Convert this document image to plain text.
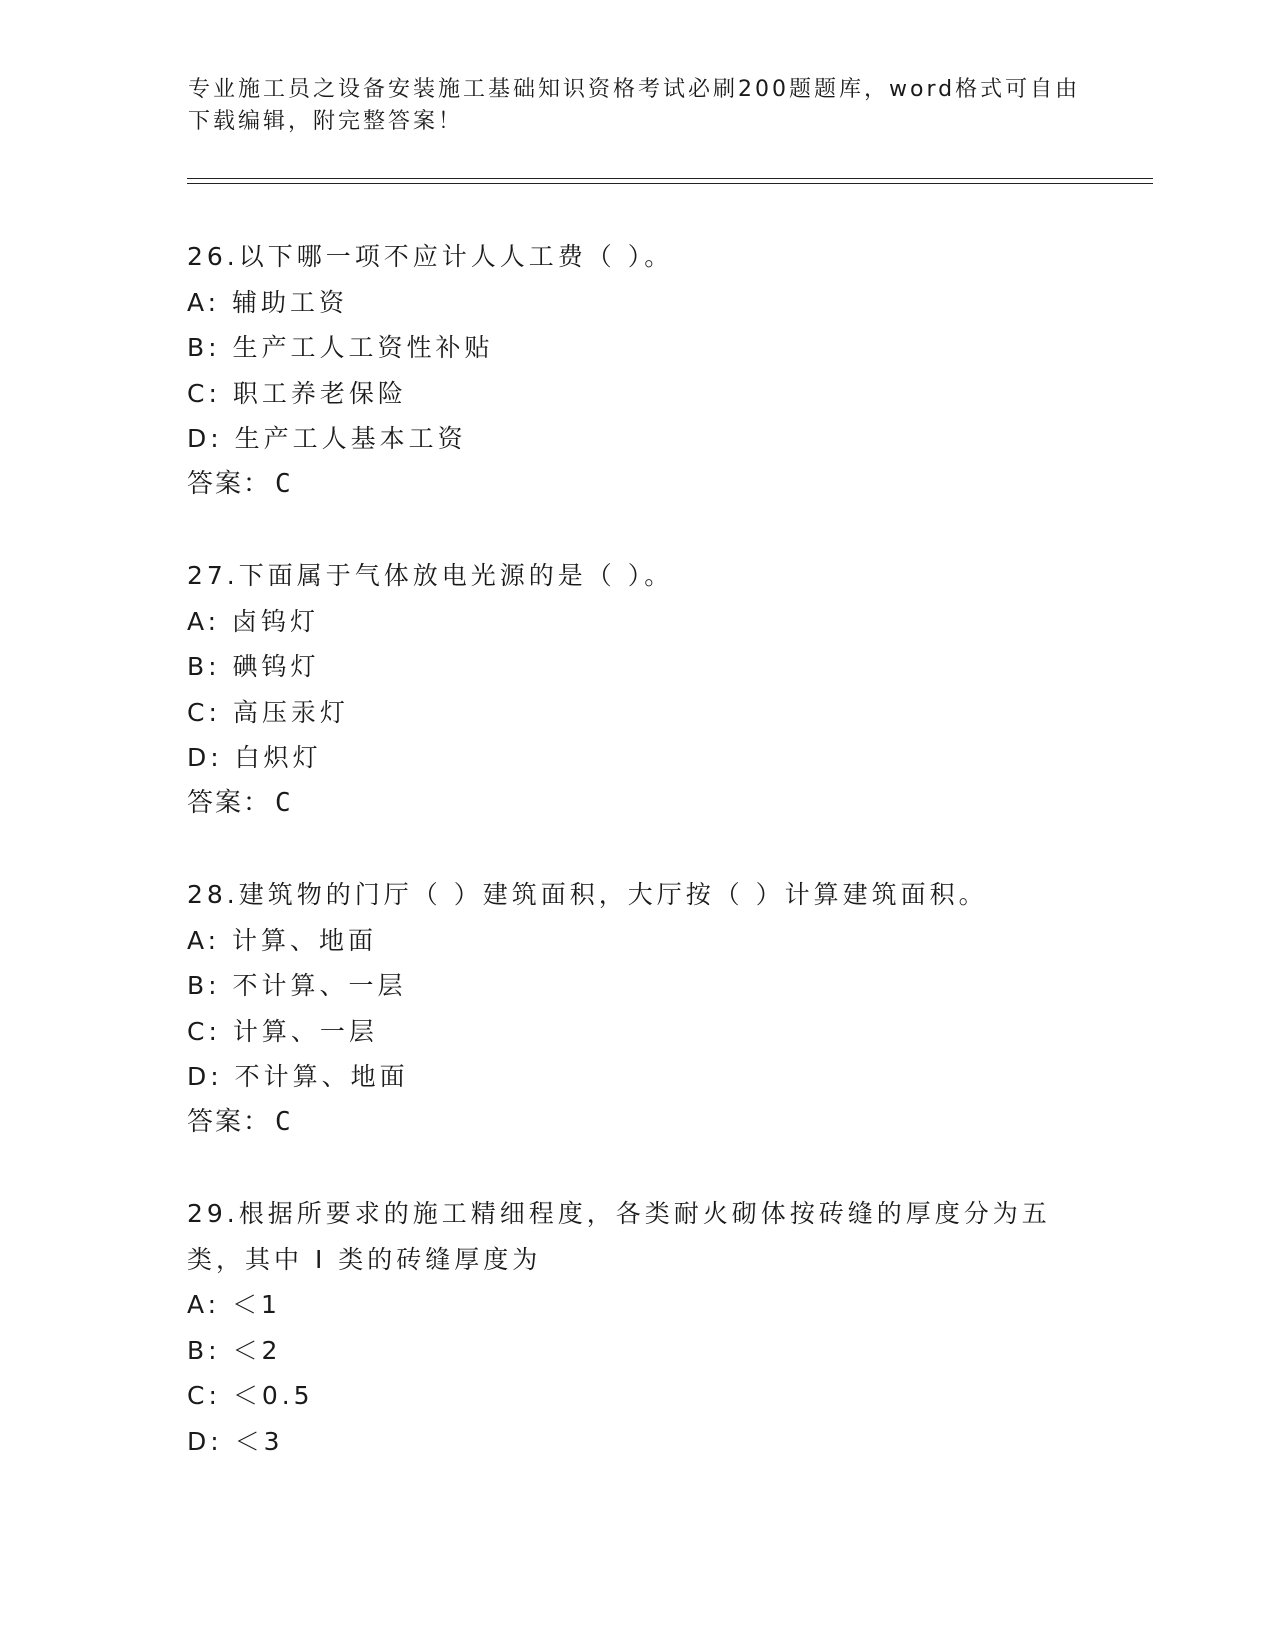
专业施工员之设备安装施工基础知识资格考试必刷200题题库，word格式可自由下载编辑，附完整答案！
26.以下哪一项不应计人人工费（ ）。
A: 辅助工资
B: 生产工人工资性补贴
C: 职工养老保险
D: 生产工人基本工资
答案： C
27.下面属于气体放电光源的是（ ）。
A: 卤钨灯
B: 碘钨灯
C: 高压汞灯
D: 白炽灯
答案： C
28.建筑物的门厅（ ）建筑面积，大厅按（ ）计算建筑面积。
A: 计算、地面
B: 不计算、一层
C: 计算、一层
D: 不计算、地面
答案： C
29.根据所要求的施工精细程度，各类耐火砌体按砖缝的厚度分为五类，其中 I 类的砖缝厚度为
A: ＜1
B: ＜2
C: ＜0.5
D: ＜3
